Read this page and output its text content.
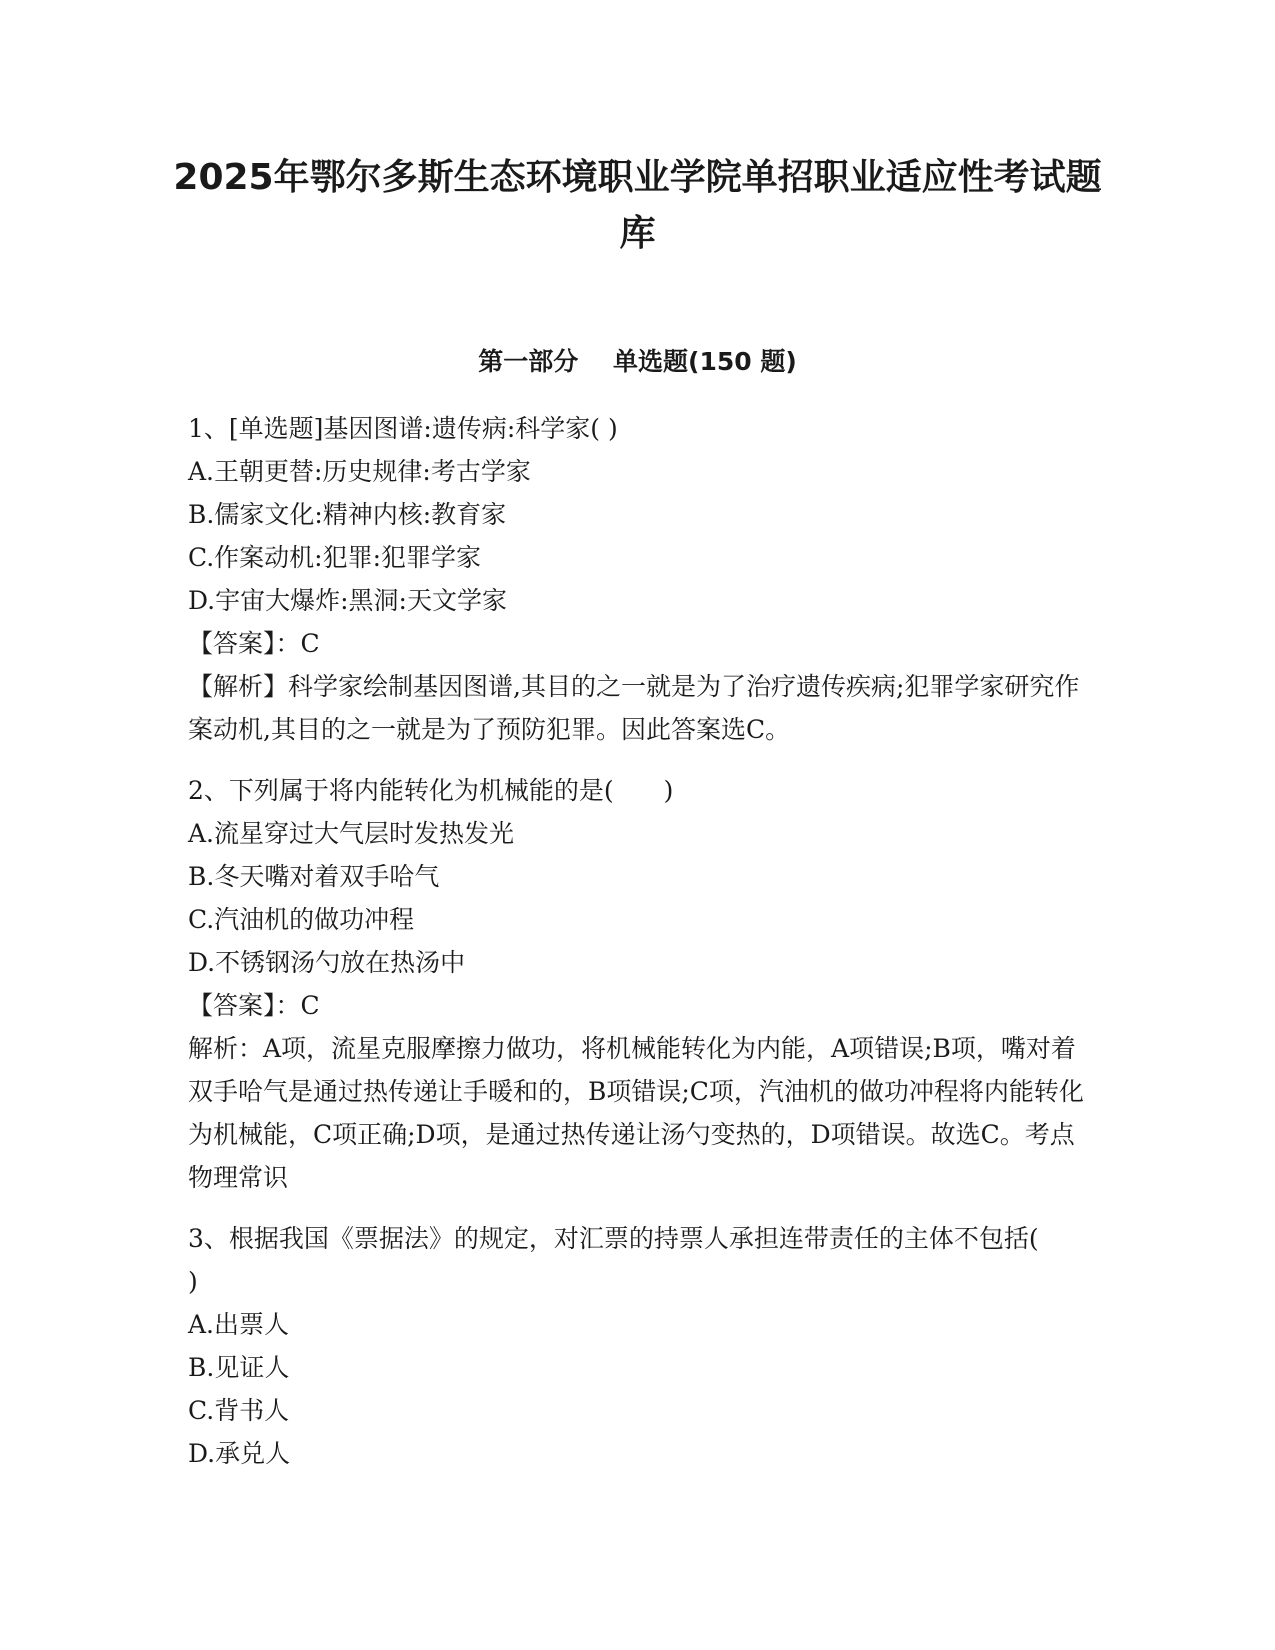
2025年鄂尔多斯生态环境职业学院单招职业适应性考试题库
第一部分    单选题(150 题)

1、[单选题]基因图谱:遗传病:科学家( )

A.王朝更替:历史规律:考古学家

B.儒家文化:精神内核:教育家

C.作案动机:犯罪:犯罪学家

D.宇宙大爆炸:黑洞:天文学家

【答案】：C

【解析】科学家绘制基因图谱,其目的之一就是为了治疗遗传疾病;犯罪学家研究作案动机,其目的之一就是为了预防犯罪。因此答案选C。

2、下列属于将内能转化为机械能的是(　　)

A.流星穿过大气层时发热发光

B.冬天嘴对着双手哈气

C.汽油机的做功冲程

D.不锈钢汤勺放在热汤中

【答案】：C

解析：A项，流星克服摩擦力做功，将机械能转化为内能，A项错误;B项，嘴对着双手哈气是通过热传递让手暖和的，B项错误;C项，汽油机的做功冲程将内能转化为机械能，C项正确;D项，是通过热传递让汤勺变热的，D项错误。故选C。考点物理常识

3、根据我国《票据法》的规定，对汇票的持票人承担连带责任的主体不包括(　　)

A.出票人

B.见证人

C.背书人

D.承兑人
